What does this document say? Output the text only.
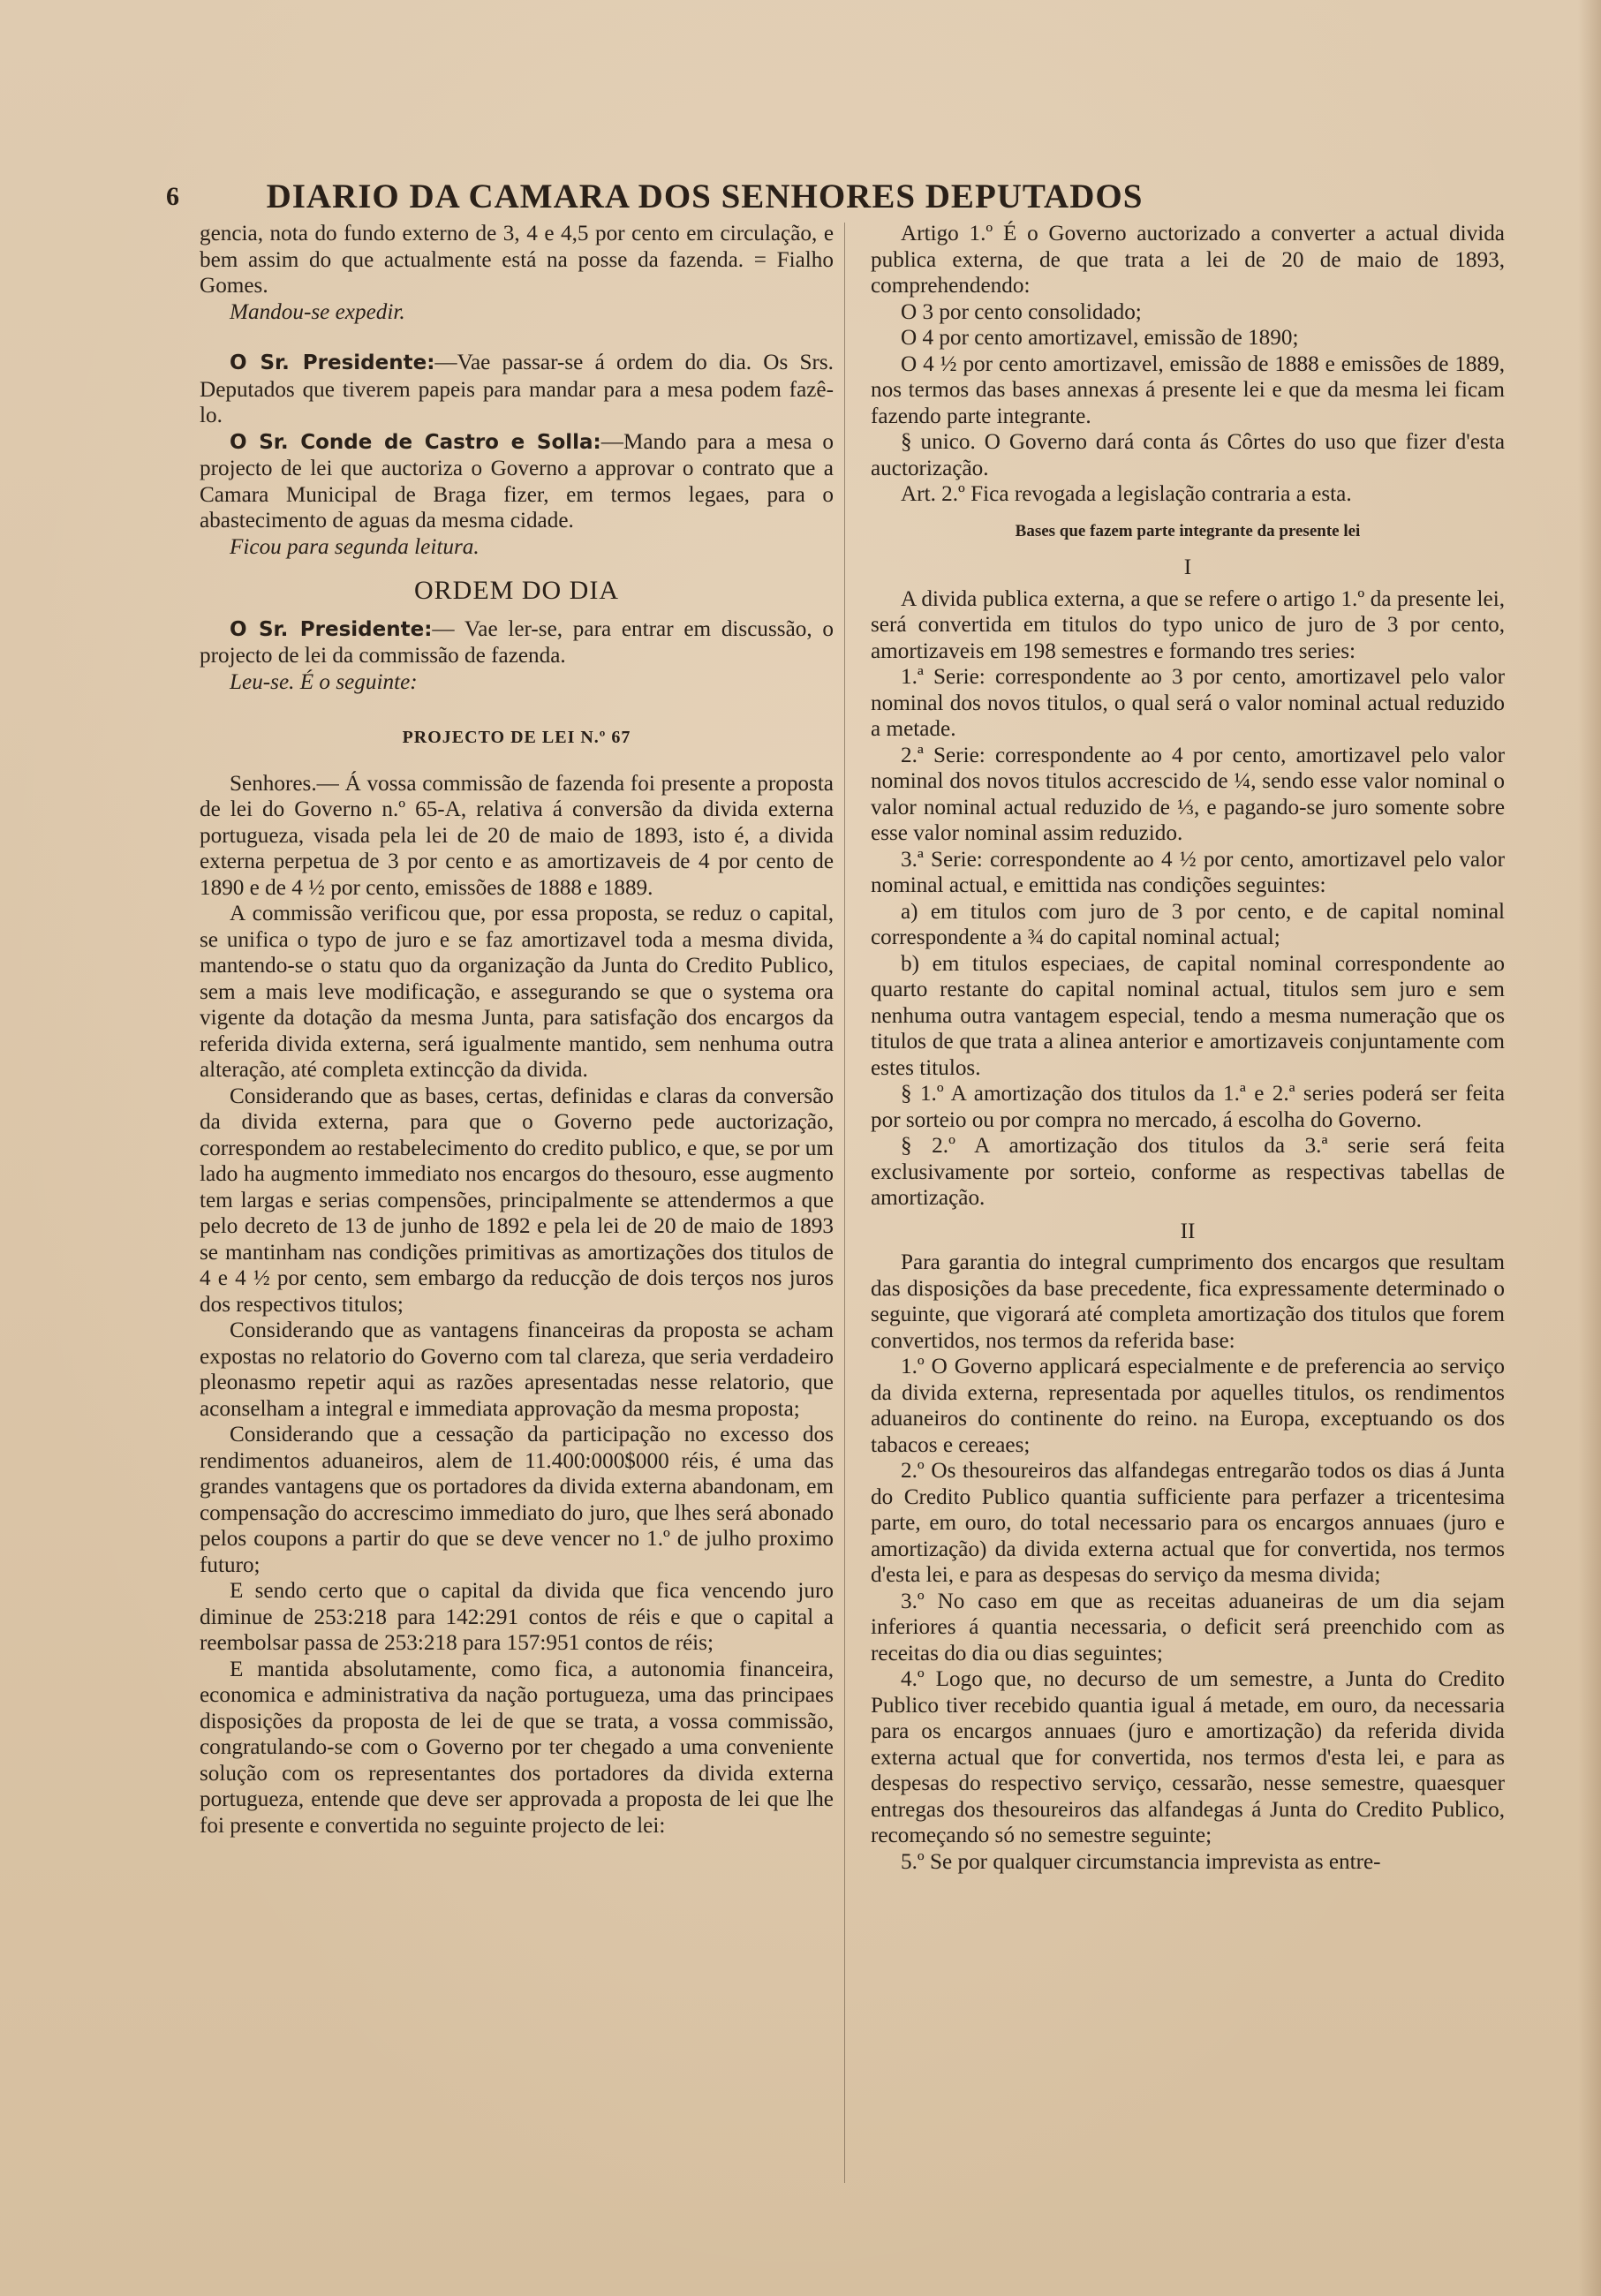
6	DIARIO DA CAMARA DOS SENHORES DEPUTADOS

gencia, nota do fundo externo de 3, 4 e 4,5 por cento em circulação, e bem assim do que actualmente está na posse da fazenda. = Fialho Gomes.

Mandou-se expedir.

O Sr. Presidente:—Vae passar-se á ordem do dia. Os Srs. Deputados que tiverem papeis para mandar para a mesa podem fazê-lo.

O Sr. Conde de Castro e Solla:—Mando para a mesa o projecto de lei que auctoriza o Governo a approvar o contrato que a Camara Municipal de Braga fizer, em termos legaes, para o abastecimento de aguas da mesma cidade.

Ficou para segunda leitura.

ORDEM DO DIA

O Sr. Presidente:— Vae ler-se, para entrar em discussão, o projecto de lei da commissão de fazenda.

Leu-se. É o seguinte:

PROJECTO DE LEI N.º 67

Senhores.— Á vossa commissão de fazenda foi presente a proposta de lei do Governo n.º 65-A, relativa á conversão da divida externa portugueza, visada pela lei de 20 de maio de 1893, isto é, a divida externa perpetua de 3 por cento e as amortizaveis de 4 por cento de 1890 e de 4 ½ por cento, emissões de 1888 e 1889.

A commissão verificou que, por essa proposta, se reduz o capital, se unifica o typo de juro e se faz amortizavel toda a mesma divida, mantendo-se o statu quo da organização da Junta do Credito Publico, sem a mais leve modificação, e assegurando se que o systema ora vigente da dotação da mesma Junta, para satisfação dos encargos da referida divida externa, será igualmente mantido, sem nenhuma outra alteração, até completa extincção da divida.

Considerando que as bases, certas, definidas e claras da conversão da divida externa, para que o Governo pede auctorização, correspondem ao restabelecimento do credito publico, e que, se por um lado ha augmento immediato nos encargos do thesouro, esse augmento tem largas e serias compensões, principalmente se attendermos a que pelo decreto de 13 de junho de 1892 e pela lei de 20 de maio de 1893 se mantinham nas condições primitivas as amortizações dos titulos de 4 e 4 ½ por cento, sem embargo da reducção de dois terços nos juros dos respectivos titulos;

Considerando que as vantagens financeiras da proposta se acham expostas no relatorio do Governo com tal clareza, que seria verdadeiro pleonasmo repetir aqui as razões apresentadas nesse relatorio, que aconselham a integral e immediata approvação da mesma proposta;

Considerando que a cessação da participação no excesso dos rendimentos aduaneiros, alem de 11.400:000$000 réis, é uma das grandes vantagens que os portadores da divida externa abandonam, em compensação do accrescimo immediato do juro, que lhes será abonado pelos coupons a partir do que se deve vencer no 1.º de julho proximo futuro;

E sendo certo que o capital da divida que fica vencendo juro diminue de 253:218 para 142:291 contos de réis e que o capital a reembolsar passa de 253:218 para 157:951 contos de réis;

E mantida absolutamente, como fica, a autonomia financeira, economica e administrativa da nação portugueza, uma das principaes disposições da proposta de lei de que se trata, a vossa commissão, congratulando-se com o Governo por ter chegado a uma conveniente solução com os representantes dos portadores da divida externa portugueza, entende que deve ser approvada a proposta de lei que lhe foi presente e convertida no seguinte projecto de lei:

Artigo 1.º É o Governo auctorizado a converter a actual divida publica externa, de que trata a lei de 20 de maio de 1893, comprehendendo:

O 3 por cento consolidado;

O 4 por cento amortizavel, emissão de 1890;

O 4 ½ por cento amortizavel, emissão de 1888 e emissões de 1889, nos termos das bases annexas á presente lei e que da mesma lei ficam fazendo parte integrante.

§ unico. O Governo dará conta ás Côrtes do uso que fizer d'esta auctorização.

Art. 2.º Fica revogada a legislação contraria a esta.

Bases que fazem parte integrante da presente lei

I

A divida publica externa, a que se refere o artigo 1.º da presente lei, será convertida em titulos do typo unico de juro de 3 por cento, amortizaveis em 198 semestres e formando tres series:

1.ª Serie: correspondente ao 3 por cento, amortizavel pelo valor nominal dos novos titulos, o qual será o valor nominal actual reduzido a metade.

2.ª Serie: correspondente ao 4 por cento, amortizavel pelo valor nominal dos novos titulos accrescido de ¼, sendo esse valor nominal o valor nominal actual reduzido de ⅓, e pagando-se juro somente sobre esse valor nominal assim reduzido.

3.ª Serie: correspondente ao 4 ½ por cento, amortizavel pelo valor nominal actual, e emittida nas condições seguintes:

a) em titulos com juro de 3 por cento, e de capital nominal correspondente a ¾ do capital nominal actual;

b) em titulos especiaes, de capital nominal correspondente ao quarto restante do capital nominal actual, titulos sem juro e sem nenhuma outra vantagem especial, tendo a mesma numeração que os titulos de que trata a alinea anterior e amortizaveis conjuntamente com estes titulos.

§ 1.º A amortização dos titulos da 1.ª e 2.ª series poderá ser feita por sorteio ou por compra no mercado, á escolha do Governo.

§ 2.º A amortização dos titulos da 3.ª serie será feita exclusivamente por sorteio, conforme as respectivas tabellas de amortização.

II

Para garantia do integral cumprimento dos encargos que resultam das disposições da base precedente, fica expressamente determinado o seguinte, que vigorará até completa amortização dos titulos que forem convertidos, nos termos da referida base:

1.º O Governo applicará especialmente e de preferencia ao serviço da divida externa, representada por aquelles titulos, os rendimentos aduaneiros do continente do reino. na Europa, exceptuando os dos tabacos e cereaes;

2.º Os thesoureiros das alfandegas entregarão todos os dias á Junta do Credito Publico quantia sufficiente para perfazer a tricentesima parte, em ouro, do total necessario para os encargos annuaes (juro e amortização) da divida externa actual que for convertida, nos termos d'esta lei, e para as despesas do serviço da mesma divida;

3.º No caso em que as receitas aduaneiras de um dia sejam inferiores á quantia necessaria, o deficit será preenchido com as receitas do dia ou dias seguintes;

4.º Logo que, no decurso de um semestre, a Junta do Credito Publico tiver recebido quantia igual á metade, em ouro, da necessaria para os encargos annuaes (juro e amortização) da referida divida externa actual que for convertida, nos termos d'esta lei, e para as despesas do respectivo serviço, cessarão, nesse semestre, quaesquer entregas dos thesoureiros das alfandegas á Junta do Credito Publico, recomeçando só no semestre seguinte;

5.º Se por qualquer circumstancia imprevista as entre-
